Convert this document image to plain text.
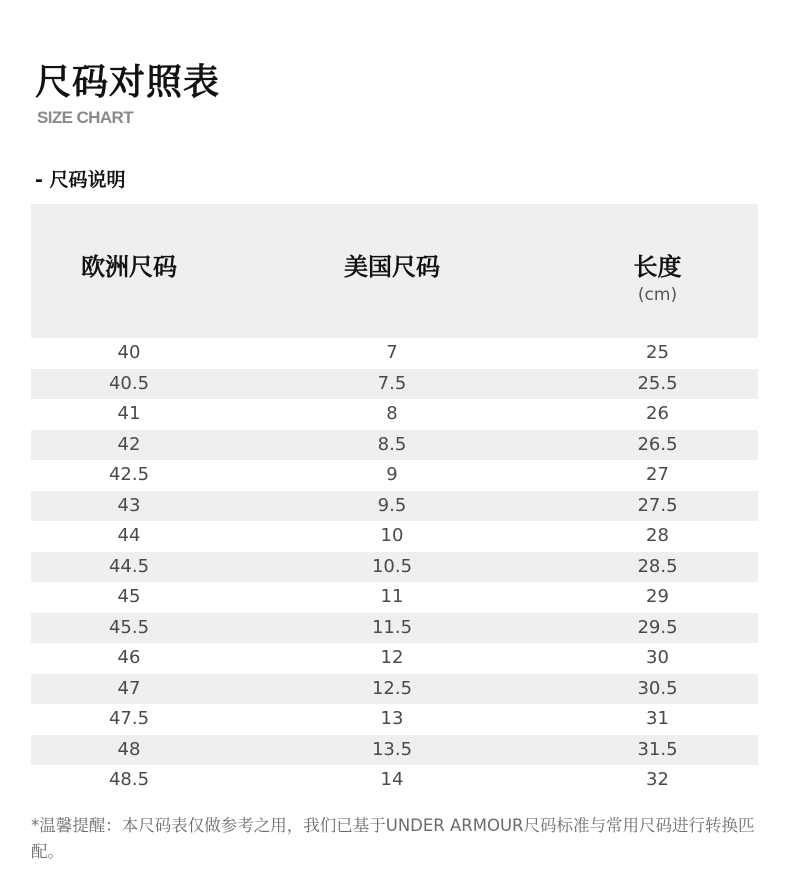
尺码对照表
SIZE CHART
- 尺码说明
欧洲尺码	美国尺码	长度
(cm)
40	7	25
40.5	7.5	25.5
41	8	26
42	8.5	26.5
42.5	9	27
43	9.5	27.5
44	10	28
44.5	10.5	28.5
45	11	29
45.5	11.5	29.5
46	12	30
47	12.5	30.5
47.5	13	31
48	13.5	31.5
48.5	14	32
*温馨提醒：本尺码表仅做参考之用，我们已基于UNDER ARMOUR尺码标准与常用尺码进行转换匹配。
